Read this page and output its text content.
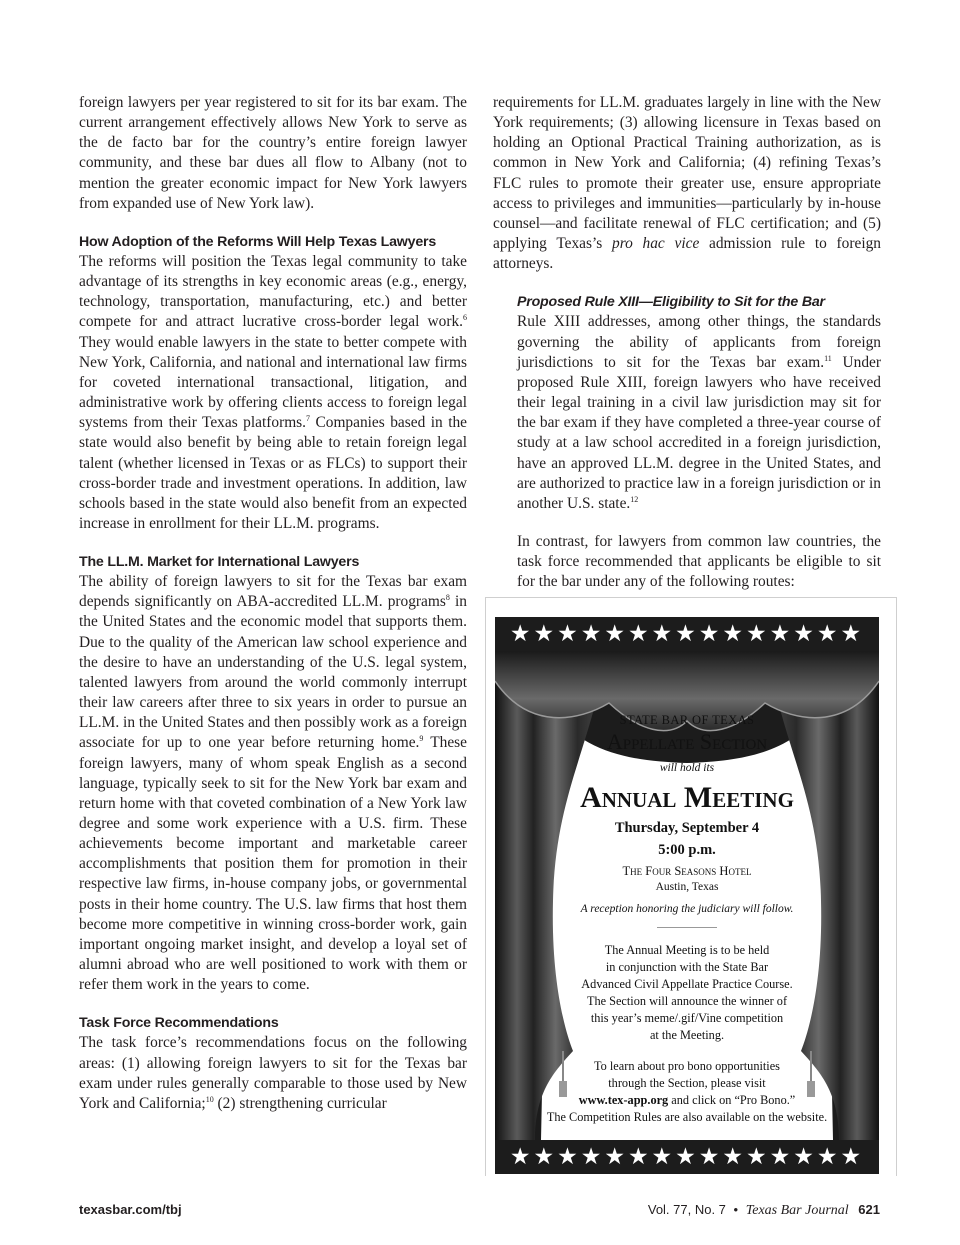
foreign lawyers per year registered to sit for its bar exam. The current arrangement effectively allows New York to serve as the de facto bar for the country’s entire foreign lawyer community, and these bar dues all flow to Albany (not to mention the greater economic impact for New York lawyers from expanded use of New York law).

How Adoption of the Reforms Will Help Texas Lawyers

The reforms will position the Texas legal community to take advantage of its strengths in key economic areas (e.g., energy, technology, transportation, manufacturing, etc.) and better compete for and attract lucrative cross-border legal work.$^6$ They would enable lawyers in the state to better compete with New York, California, and national and international law firms for coveted international transactional, litigation, and administrative work by offering clients access to foreign legal systems from their Texas platforms.$^7$ Companies based in the state would also benefit by being able to retain foreign legal talent (whether licensed in Texas or as FLCs) to support their cross-border trade and investment operations. In addition, law schools based in the state would also benefit from an expected increase in enrollment for their LL.M. programs.

The LL.M. Market for International Lawyers

The ability of foreign lawyers to sit for the Texas bar exam depends significantly on ABA-accredited LL.M. programs$^8$ in the United States and the economic model that supports them. Due to the quality of the American law school experience and the desire to have an understanding of the U.S. legal system, talented lawyers from around the world commonly interrupt their law careers after three to six years in order to pursue an LL.M. in the United States and then possibly work as a foreign associate for up to one year before returning home.$^9$ These foreign lawyers, many of whom speak English as a second language, typically seek to sit for the New York bar exam and return home with that coveted combination of a New York law degree and some work experience with a U.S. firm. These achievements become important and marketable career accomplishments that position them for promotion in their respective law firms, in-house company jobs, or governmental posts in their home country. The U.S. law firms that host them become more competitive in winning cross-border work, gain important ongoing market insight, and develop a loyal set of alumni abroad who are well positioned to work with them or refer them work in the years to come.

Task Force Recommendations

The task force’s recommendations focus on the following areas: (1) allowing foreign lawyers to sit for the Texas bar exam under rules generally comparable to those used by New York and California;$^{10}$ (2) strengthening curricular

requirements for LL.M. graduates largely in line with the New York requirements; (3) allowing licensure in Texas based on holding an Optional Practical Training authorization, as is common in New York and California; (4) refining Texas’s FLC rules to promote their greater use, ensure appropriate access to privileges and immunities—particularly by in-house counsel—and facilitate renewal of FLC certification; and (5) applying Texas’s pro hac vice admission rule to foreign attorneys.

Proposed Rule XIII—Eligibility to Sit for the Bar

Rule XIII addresses, among other things, the standards governing the ability of applicants from foreign jurisdictions to sit for the Texas bar exam.$^{11}$ Under proposed Rule XIII, foreign lawyers who have received their legal training in a civil law jurisdiction may sit for the bar exam if they have completed a three-year course of study at a law school accredited in a foreign jurisdiction, have an approved LL.M. degree in the United States, and are authorized to practice law in a foreign jurisdiction or in another U.S. state.$^{12}$

In contrast, for lawyers from common law countries, the task force recommended that applicants be eligible to sit for the bar under any of the following routes:

★★★★★★★★★★★★★★★

STATE BAR OF TEXAS

Appellate Section

will hold its

Annual Meeting

Thursday, September 4

5:00 p.m.

The Four Seasons Hotel

Austin, Texas

A reception honoring the judiciary will follow.

The Annual Meeting is to be held
in conjunction with the State Bar
Advanced Civil Appellate Practice Course.
The Section will announce the winner of
this year’s meme/.gif/Vine competition
at the Meeting.
To learn about pro bono opportunities
through the Section, please visit
www.tex-app.org and click on “Pro Bono.”
The Competition Rules are also available on the website.
★★★★★★★★★★★★★★★
texasbar.com/tbj	Vol. 77, No. 7 • Texas Bar Journal 621
